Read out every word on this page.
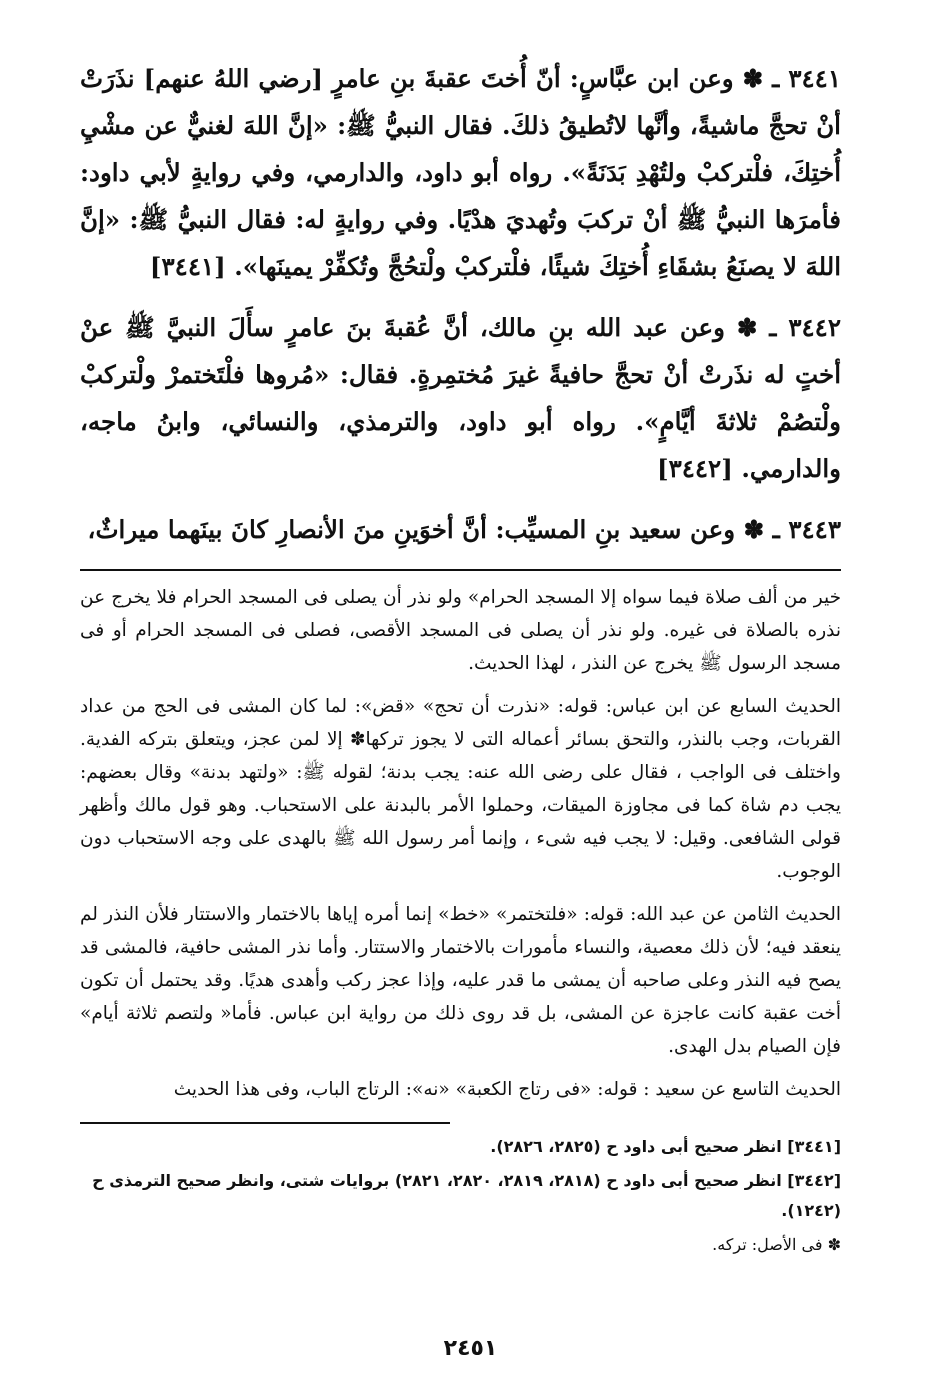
٣٤٤١ ـ ✽ وعن ابن عبَّاسٍ: أنّ أُختَ عقبةَ بنِ عامرٍ [رضي اللهُ عنهم] نذَرَتْ أنْ تحجَّ ماشيةً، وأنَّها لاتُطيقُ ذلكَ. فقال النبيُّ ﷺ: «إنَّ اللهَ لغنيٌّ عن مشْيِ أُختِكَ، فلْتركبْ ولتُهْدِ بَدَنَةً». رواه أبو داود، والدارمي، وفي روايةٍ لأبي داود: فأمرَها النبيُّ ﷺ أنْ تركبَ وتُهديَ هدْيًا. وفي روايةٍ له: فقال النبيُّ ﷺ: «إنَّ اللهَ لا يصنَعُ بشقَاءِ أُختِكَ شيئًا، فلْتركبْ ولْتحُجَّ وتُكفِّرْ يمينَها». [٣٤٤١]

٣٤٤٢ ـ ✽ وعن عبد الله بنِ مالك، أنَّ عُقبةَ بنَ عامرٍ سأَلَ النبيَّ ﷺ عنْ أختٍ له نذَرتْ أنْ تحجَّ حافيةً غيرَ مُختمِرةٍ. فقال: «مُروها فلْتَختمرْ ولْتركبْ ولْتصُمْ ثلاثةَ أيَّامٍ». رواه أبو داود، والترمذي، والنسائي، وابنُ ماجه، والدارمي. [٣٤٤٢]

٣٤٤٣ ـ ✽ وعن سعيد بنِ المسيِّب: أنَّ أخوَينِ منَ الأنصارِ كانَ بينَهما ميراثٌ،

خير من ألف صلاة فيما سواه إلا المسجد الحرام» ولو نذر أن يصلى فى المسجد الحرام فلا يخرج عن نذره بالصلاة فى غيره. ولو نذر أن يصلى فى المسجد الأقصى، فصلى فى المسجد الحرام أو فى مسجد الرسول ﷺ يخرج عن النذر ، لهذا الحديث.

الحديث السابع عن ابن عباس: قوله: «نذرت أن تحج» «قض»: لما كان المشى فى الحج من عداد القربات، وجب بالنذر، والتحق بسائر أعماله التى لا يجوز تركها✽ إلا لمن عجز، ويتعلق بتركه الفدية. واختلف فى الواجب ، فقال على رضى الله عنه: يجب بدنة؛ لقوله ﷺ: «ولتهد بدنة» وقال بعضهم: يجب دم شاة كما فى مجاوزة الميقات، وحملوا الأمر بالبدنة على الاستحباب. وهو قول مالك وأظهر قولى الشافعى. وقيل: لا يجب فيه شىء ، وإنما أمر رسول الله ﷺ بالهدى على وجه الاستحباب دون الوجوب.

الحديث الثامن عن عبد الله: قوله: «فلتختمر» «خط» إنما أمره إياها بالاختمار والاستتار فلأن النذر لم ينعقد فيه؛ لأن ذلك معصية، والنساء مأمورات بالاختمار والاستتار. وأما نذر المشى حافية، فالمشى قد يصح فيه النذر وعلى صاحبه أن يمشى ما قدر عليه، وإذا عجز ركب وأهدى هديًا. وقد يحتمل أن تكون أخت عقبة كانت عاجزة عن المشى، بل قد روى ذلك من رواية ابن عباس. فأما« ولتصم ثلاثة أيام» فإن الصيام بدل الهدى.

الحديث التاسع عن سعيد : قوله: «فى رتاج الكعبة» «نه»: الرتاج الباب، وفى هذا الحديث

[٣٤٤١] انظر صحيح أبى داود ح (٢٨٢٥، ٢٨٢٦).

[٣٤٤٢] انظر صحيح أبى داود ح (٢٨١٨، ٢٨١٩، ٢٨٢٠، ٢٨٢١) بروايات شتى، وانظر صحيح الترمذى ح (١٢٤٢).

✽ فى الأصل: تركه.

٢٤٥١
